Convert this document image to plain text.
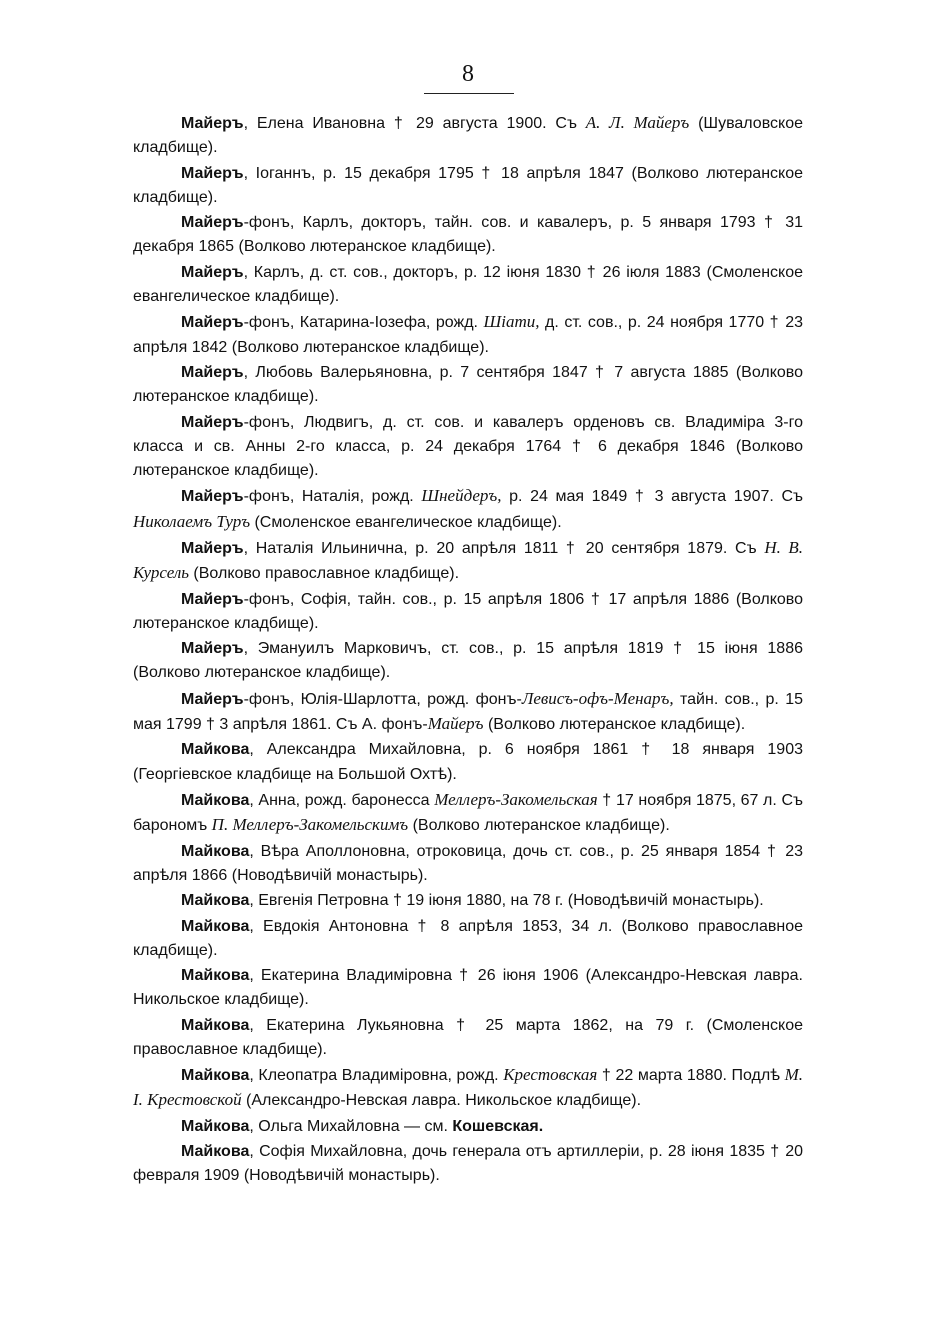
8

Майеръ, Елена Ивановна † 29 августа 1900. Съ А. Л. Майеръ (Шуваловское кладбище).

Майеръ, Іоганнъ, р. 15 декабря 1795 † 18 апрѣля 1847 (Волково лютеранское кладбище).

Майеръ-фонъ, Карлъ, докторъ, тайн. сов. и кавалеръ, р. 5 января 1793 † 31 декабря 1865 (Волково лютеранское кладбище).

Майеръ, Карлъ, д. ст. сов., докторъ, р. 12 іюня 1830 † 26 іюля 1883 (Смоленское евангелическое кладбище).

Майеръ-фонъ, Катарина-Іозефа, рожд. Шіати, д. ст. сов., р. 24 ноября 1770 † 23 апрѣля 1842 (Волково лютеранское кладбище).

Майеръ, Любовь Валерьяновна, р. 7 сентября 1847 † 7 августа 1885 (Волково лютеранское кладбище).

Майеръ-фонъ, Людвигъ, д. ст. сов. и кавалеръ орденовъ св. Владиміра 3-го класса и св. Анны 2-го класса, р. 24 декабря 1764 † 6 декабря 1846 (Волково лютеранское кладбище).

Майеръ-фонъ, Наталія, рожд. Шнейдеръ, р. 24 мая 1849 † 3 августа 1907. Съ Николаемъ Туръ (Смоленское евангелическое кладбище).

Майеръ, Наталія Ильинична, р. 20 апрѣля 1811 † 20 сентября 1879. Съ Н. В. Курсель (Волково православное кладбище).

Майеръ-фонъ, Софія, тайн. сов., р. 15 апрѣля 1806 † 17 апрѣля 1886 (Волково лютеранское кладбище).

Майеръ, Эмануилъ Марковичъ, ст. сов., р. 15 апрѣля 1819 † 15 іюня 1886 (Волково лютеранское кладбище).

Майеръ-фонъ, Юлія-Шарлотта, рожд. фонъ-Левисъ-офъ-Менаръ, тайн. сов., р. 15 мая 1799 † 3 апрѣля 1861. Съ А. фонъ-Майеръ (Волково лютеранское кладбище).

Майкова, Александра Михайловна, р. 6 ноября 1861 † 18 января 1903 (Георгіевское кладбище на Большой Охтѣ).

Майкова, Анна, рожд. баронесса Меллеръ-Закомельская † 17 ноября 1875, 67 л. Съ барономъ П. Меллеръ-Закомельскимъ (Волково лютеранское кладбище).

Майкова, Вѣра Аполлоновна, отроковица, дочь ст. сов., р. 25 января 1854 † 23 апрѣля 1866 (Новодѣвичій монастырь).

Майкова, Евгенія Петровна † 19 іюня 1880, на 78 г. (Новодѣвичій монастырь).

Майкова, Евдокія Антоновна † 8 апрѣля 1853, 34 л. (Волково православное кладбище).

Майкова, Екатерина Владиміровна † 26 іюня 1906 (Александро-Невская лавра. Никольское кладбище).

Майкова, Екатерина Лукьяновна † 25 марта 1862, на 79 г. (Смоленское православное кладбище).

Майкова, Клеопатра Владиміровна, рожд. Крестовская † 22 марта 1880. Подлѣ М. І. Крестовской (Александро-Невская лавра. Никольское кладбище).

Майкова, Ольга Михайловна — см. Кошевская.

Майкова, Софія Михайловна, дочь генерала отъ артиллеріи, р. 28 іюня 1835 † 20 февраля 1909 (Новодѣвичій монастырь).
